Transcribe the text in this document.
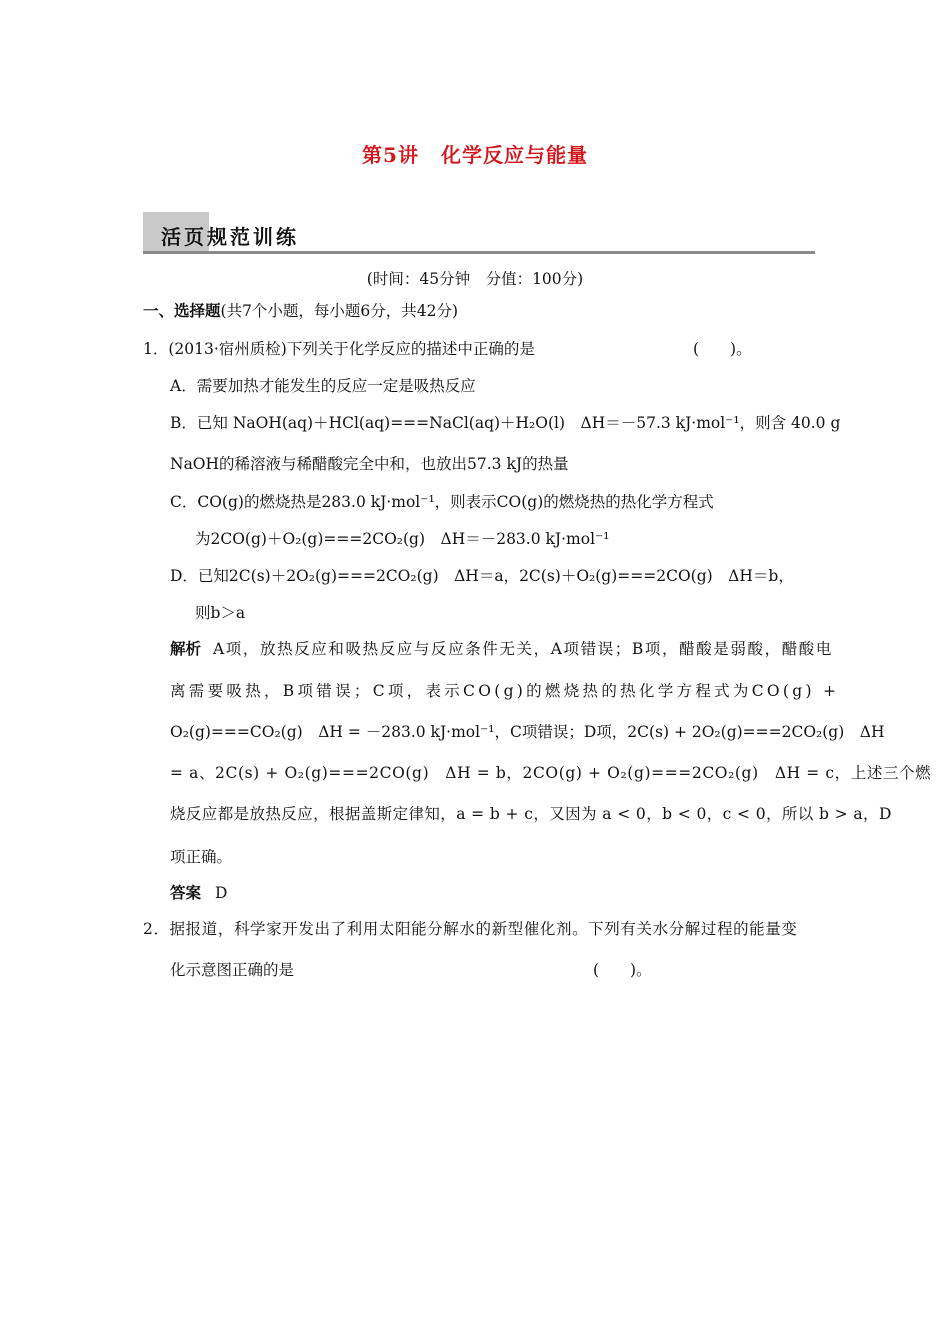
第5讲 化学反应与能量
活页规范训练
(时间：45分钟　分值：100分)
一、选择题(共7个小题，每小题6分，共42分)
1．(2013·宿州质检)下列关于化学反应的描述中正确的是	(　　)。
A．需要加热才能发生的反应一定是吸热反应
B．已知 NaOH(aq)＋HCl(aq)===NaCl(aq)＋H₂O(l)　ΔH＝－57.3 kJ·mol⁻¹，则含 40.0 g
NaOH的稀溶液与稀醋酸完全中和，也放出57.3 kJ的热量
C．CO(g)的燃烧热是283.0 kJ·mol⁻¹，则表示CO(g)的燃烧热的热化学方程式
为2CO(g)＋O₂(g)===2CO₂(g)　ΔH＝－283.0 kJ·mol⁻¹
D．已知2C(s)＋2O₂(g)===2CO₂(g)　ΔH＝a，2C(s)＋O₂(g)===2CO(g)　ΔH＝b，
则b＞a
解析 A项，放热反应和吸热反应与反应条件无关，A项错误；B项，醋酸是弱酸，醋酸电
离需要吸热，B项错误；C项，表示CO(g)的燃烧热的热化学方程式为CO(g) +
O₂(g)===CO₂(g)　ΔH = －283.0 kJ·mol⁻¹，C项错误；D项，2C(s) + 2O₂(g)===2CO₂(g)　ΔH
= a、2C(s) + O₂(g)===2CO(g)　ΔH = b，2CO(g) + O₂(g)===2CO₂(g)　ΔH = c，上述三个燃
烧反应都是放热反应，根据盖斯定律知，a = b + c，又因为 a < 0，b < 0，c < 0，所以 b > a，D
项正确。
答案 D
2．据报道，科学家开发出了利用太阳能分解水的新型催化剂。下列有关水分解过程的能量变
化示意图正确的是	(　　)。
